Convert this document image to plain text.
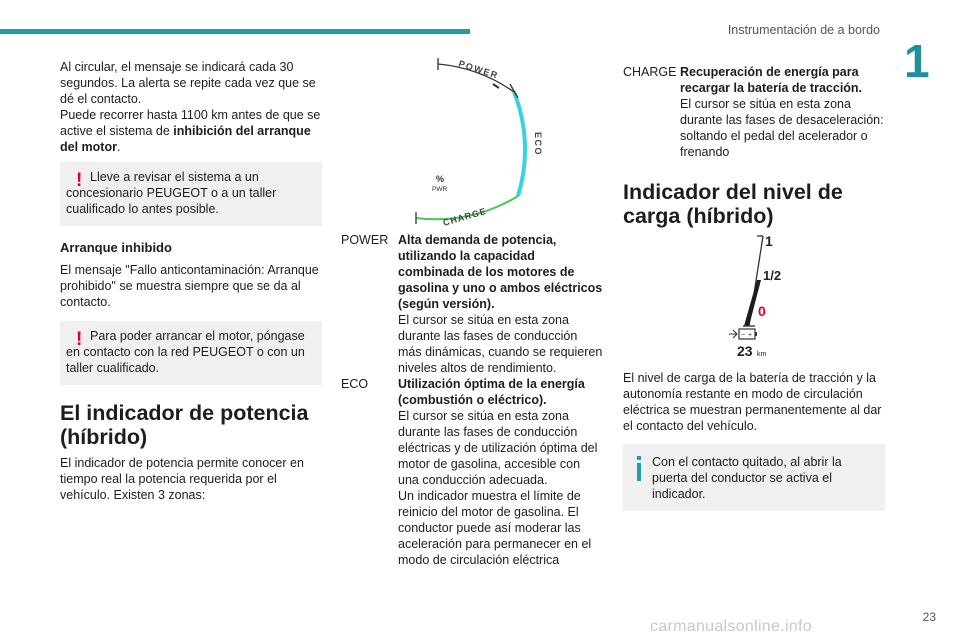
Instrumentación de a bordo
1

Al circular, el mensaje se indicará cada 30 segundos. La alerta se repite cada vez que se dé el contacto.

Puede recorrer hasta 1100 km antes de que se active el sistema de inhibición del arranque del motor.

! Lleve a revisar el sistema a un concesionario PEUGEOT o a un taller cualificado lo antes posible.
Arranque inhibido

El mensaje "Fallo anticontaminación: Arranque prohibido" se muestra siempre que se da al contacto.

! Para poder arrancar el motor, póngase en contacto con la red PEUGEOT o con un taller cualificado.
El indicador de potencia (híbrido)

El indicador de potencia permite conocer en tiempo real la potencia requerida por el vehículo. Existen 3 zonas:

POWER
ECO
CHARGE
%
PWR
POWER Alta demanda de potencia, utilizando la capacidad combinada de los motores de gasolina y uno o ambos eléctricos (según versión).

El cursor se sitúa en esta zona durante las fases de conducción más dinámicas, cuando se requieren niveles altos de rendimiento.

ECO Utilización óptima de la energía (combustión o eléctrico).

El cursor se sitúa en esta zona durante las fases de conducción eléctricas y de utilización óptima del motor de gasolina, accesible con una conducción adecuada.

Un indicador muestra el límite de reinicio del motor de gasolina. El conductor puede así moderar las aceleración para permanecer en el modo de circulación eléctrica

CHARGE Recuperación de energía para recargar la batería de tracción.

El cursor se sitúa en esta zona durante las fases de desaceleración: soltando el pedal del acelerador o frenando

Indicador del nivel de carga (híbrido)
1
1/2
0
− +
23 km

El nivel de carga de la batería de tracción y la autonomía restante en modo de circulación eléctrica se muestran permanentemente al dar el contacto del vehículo.

Con el contacto quitado, al abrir la puerta del conductor se activa el indicador.
23
carmanualsonline.info
